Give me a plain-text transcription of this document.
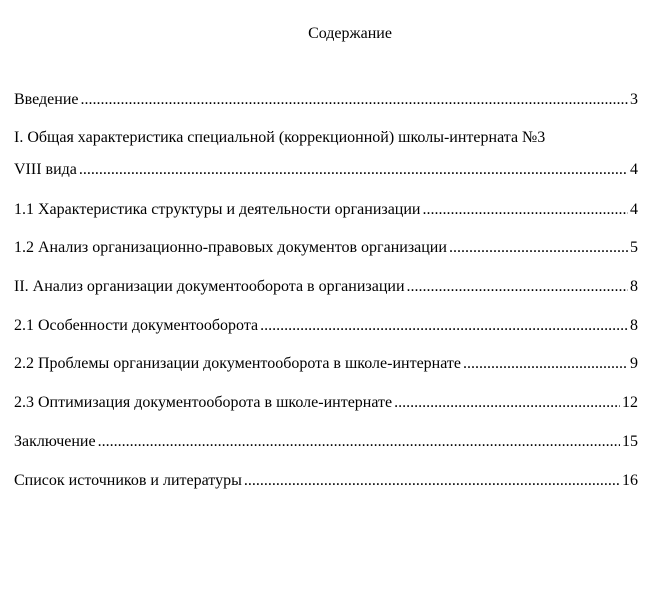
Содержание
Введение .....	3
I. Общая характеристика специальной (коррекционной) школы-интерната №3
VIII вида .....	4
1.1 Характеристика структуры и деятельности организации .....	4
1.2 Анализ организационно-правовых документов организации .....	5
II. Анализ организации документооборота в организации .....	8
2.1 Особенности документооборота .....	8
2.2 Проблемы организации документооборота в школе-интернате .....	9
2.3 Оптимизация документооборота в школе-интернате .....	12
Заключение .....	15
Список источников и литературы .....	16
